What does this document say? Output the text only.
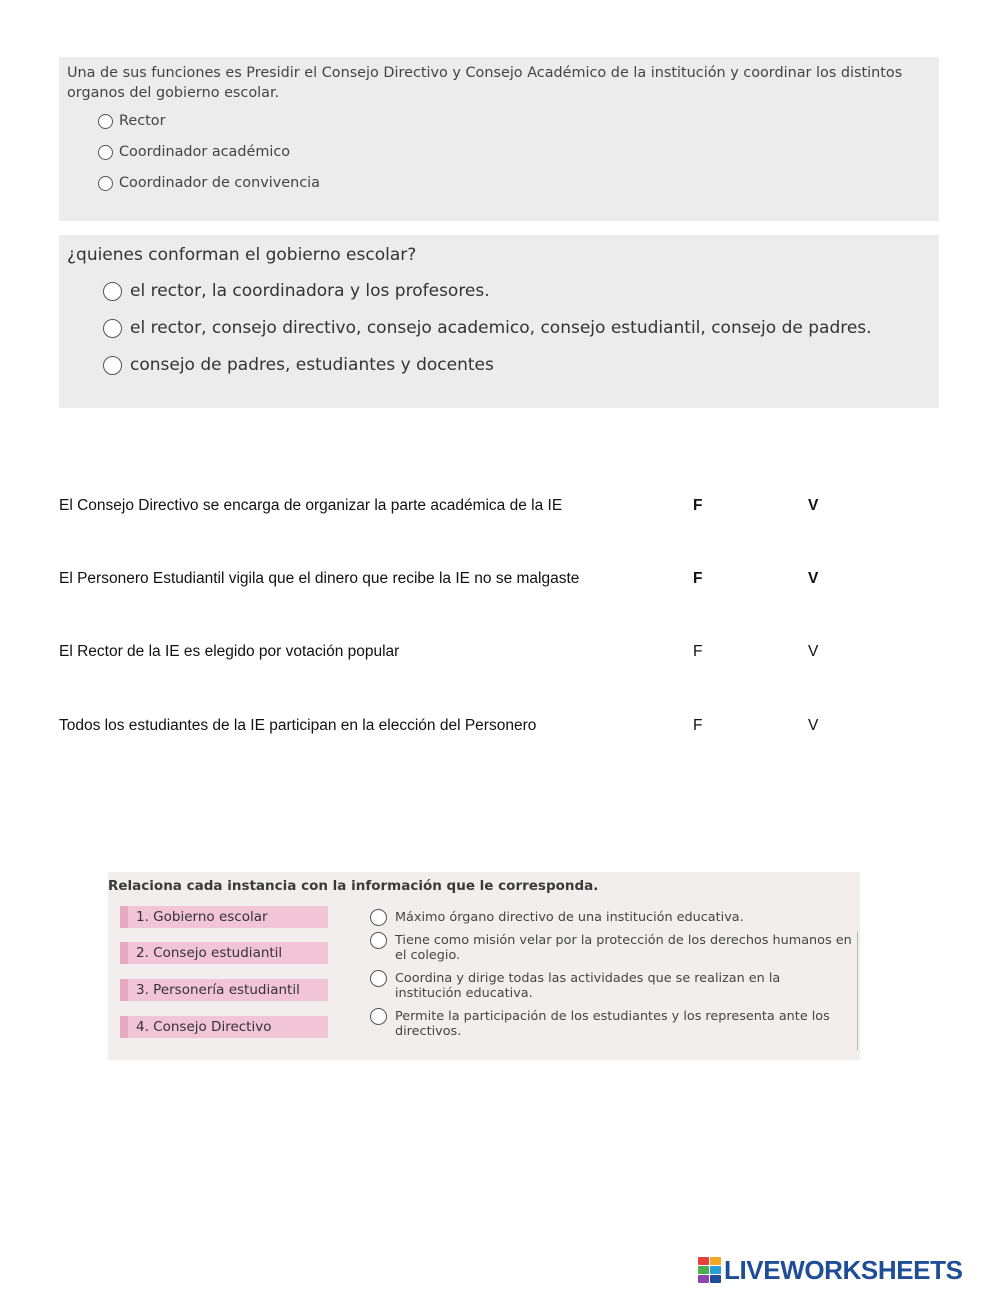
Una de sus funciones es Presidir el Consejo Directivo y Consejo Académico de la institución y coordinar los distintos organos del gobierno escolar.
Rector
Coordinador académico
Coordinador de convivencia
¿quienes conforman el gobierno escolar?
el rector, la coordinadora y los profesores.
el rector, consejo directivo, consejo academico, consejo estudiantil, consejo de padres.
consejo de padres, estudiantes y docentes
El Consejo Directivo se encarga de organizar la parte académica de la IE	F	V
El Personero Estudiantil vigila que el dinero que recibe la IE no se malgaste	F	V
El Rector de la IE es elegido por votación popular	F	V
Todos los estudiantes de la IE participan en la elección del Personero	F	V
Relaciona cada instancia con la información que le corresponda.
1. Gobierno escolar
2. Consejo estudiantil
3. Personería estudiantil
4. Consejo Directivo
Máximo órgano directivo de una institución educativa.
Tiene como misión velar por la protección de los derechos humanos en el colegio.
Coordina y dirige todas las actividades que se realizan en la institución educativa.
Permite la participación de los estudiantes y los representa ante los directivos.
LIVEWORKSHEETS
